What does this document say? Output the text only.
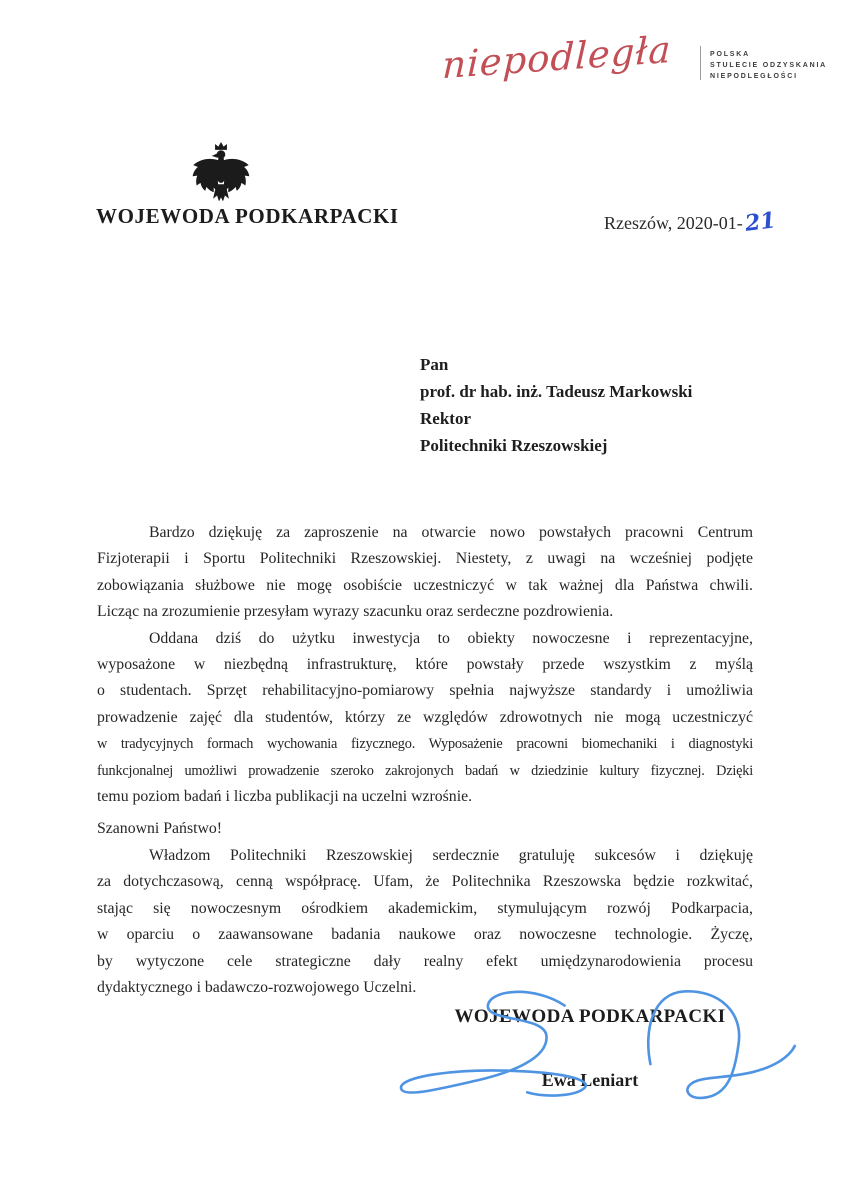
niepodległa	POLSKA
STULECIE ODZYSKANIA
NIEPODLEGŁOŚCI
WOJEWODA PODKARPACKI	Rzeszów, 2020-01-21
Pan
prof. dr hab. inż. Tadeusz Markowski
Rektor
Politechniki Rzeszowskiej
Bardzo dziękuję za zaproszenie na otwarcie nowo powstałych pracowni Centrum
Fizjoterapii i Sportu Politechniki Rzeszowskiej. Niestety, z uwagi na wcześniej podjęte
zobowiązania służbowe nie mogę osobiście uczestniczyć w tak ważnej dla Państwa chwili.
Licząc na zrozumienie przesyłam wyrazy szacunku oraz serdeczne pozdrowienia.
Oddana dziś do użytku inwestycja to obiekty nowoczesne i reprezentacyjne,
wyposażone w niezbędną infrastrukturę, które powstały przede wszystkim z myślą
o studentach. Sprzęt rehabilitacyjno-pomiarowy spełnia najwyższe standardy i umożliwia
prowadzenie zajęć dla studentów, którzy ze względów zdrowotnych nie mogą uczestniczyć
w tradycyjnych formach wychowania fizycznego. Wyposażenie pracowni biomechaniki i diagnostyki
funkcjonalnej umożliwi prowadzenie szeroko zakrojonych badań w dziedzinie kultury fizycznej. Dzięki
temu poziom badań i liczba publikacji na uczelni wzrośnie.
Szanowni Państwo!
Władzom Politechniki Rzeszowskiej serdecznie gratuluję sukcesów i dziękuję
za dotychczasową, cenną współpracę. Ufam, że Politechnika Rzeszowska będzie rozkwitać,
stając się nowoczesnym ośrodkiem akademickim, stymulującym rozwój Podkarpacia,
w oparciu o zaawansowane badania naukowe oraz nowoczesne technologie. Życzę,
by wytyczone cele strategiczne dały realny efekt umiędzynarodowienia procesu
dydaktycznego i badawczo-rozwojowego Uczelni.
WOJEWODA PODKARPACKI
Ewa Leniart
